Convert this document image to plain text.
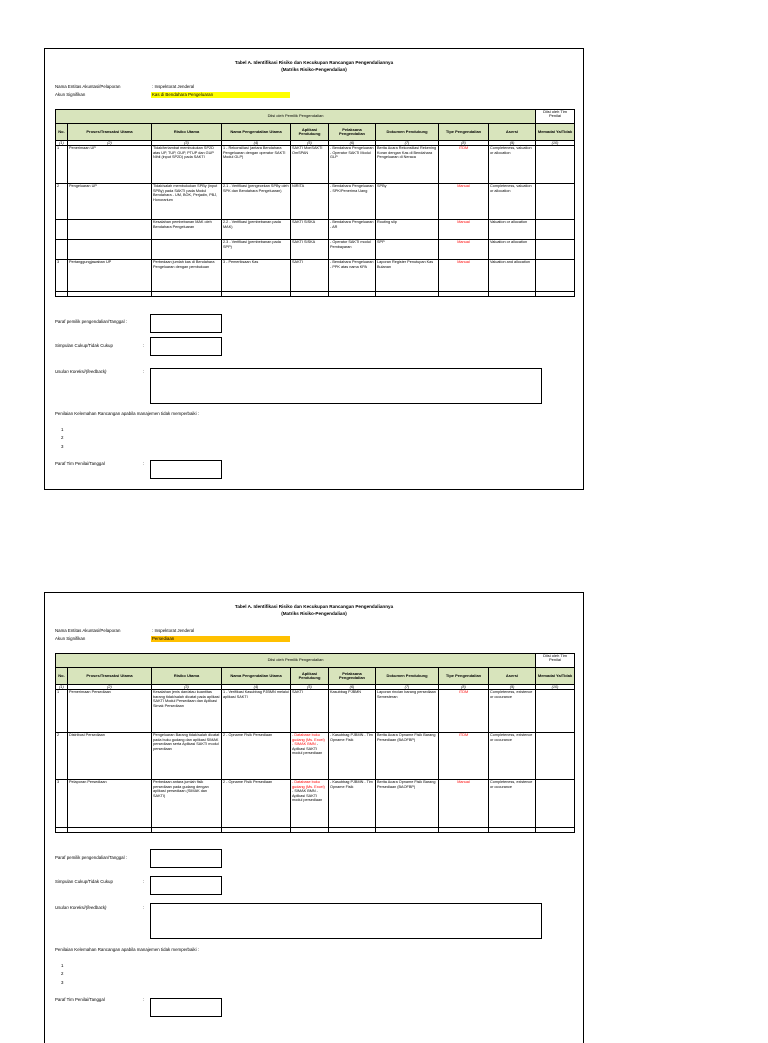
Tabel A. Identifikasi Risiko dan Kecukupan Rancangan Pengendaliannya
(Matriks Risiko-Pengendalian)
Nama Entitas Akuntasi/Pelaporan	: Inspektorat Jenderal
Akun Signifikan	Kas di Bendahara Pengeluaran
Diisi oleh Pemilik Pengendalian									Diisi oleh Tim Penilai
No.	Proses/Transaksi Utama	Risiko Utama	Nama Pengendalian Utama	Aplikasi Pendukung	Pelaksana Pengendalian	Dokumen Pendukung	Tipe Pengendalian	Asersi	Memadai Ya/Tidak
(1)	(2)	(3)	(4)	(5)	(6)	(7)	(8)	(9)	(10)
1	Penerimaan UP	Tidak/terlambat membukukan SP2D atas UP, TUP, GUP, PTUP dan GUP Nihil (input SP2D) pada SAKTI	1 - Rekonsiliasi (antara Bendahara Pengeluaran dengan operator SAKTI Modul GLP)	SAKTI MonSAKTI OmSPAN	- Bendahara Pengeluaran - Operator SAKTI Modul GLP	Berita Acara Rekonsiliasi Rekening Koran dengan Kas di Bendahara Pengeluaran di Neraca	ITDM	Completeness, valuation or allocation	
2	Pengeluaran UP	Tidak/salah membukukan SPBy (input SPBy) pada SAKTI pada Modul Bendahara - UM, BOK, Perjadin, PBJ, Honorarium	2.1 - Verifikasi (pengecekan SPBy oleh SPK dan Bendahara Pengeluaran)	NIRITA	- Bendahara Pengeluaran - SPK/Penerima Uang	SPBy	Manual	Completeness, valuation or allocation	
		Kesalahan pembebanan MAK oleh Bendahara Pengeluaran	2.2 - Verifikasi (pembebanan pada MAK)	SAKTI SISKA	- Bendahara Pengeluaran - AR	Routing slip	Manual	Valuation or allocation	
			2.3 - Verifikasi (pembebanan pada SPP)	SAKTI SISKA	- Operator SAKTI modul Pembayaran	SPP	Manual	Valuation or allocation	
3	Pertanggungjawaban UP	Perbedaan jumlah kas di Bendahara Pengeluaran dengan pembukuan	3 - Pemeriksaan Kas	SAKTI	- Bendahara Pengeluaran - PPK atas nama KPA	Laporan Register Penutupan Kas Bulanan	Manual	Valuation and allocation	

Paraf pemilik pengendalian/Tanggal :
Simpulan Cukup/Tidak Cukup	:
Usulan Koreksi/(feedback)	:
Penilaian Kelemahan Rancangan apabila manajemen tidak memperbaiki :
1
2
3
Paraf Tim Penilai/Tanggal	:
Tabel A. Identifikasi Risiko dan Kecukupan Rancangan Pengendaliannya
(Matriks Risiko-Pengendalian)
Nama Entitas Akuntasi/Pelaporan	: Inspektorat Jenderal
Akun Signifikan	Persediaan
Diisi oleh Pemilik Pengendalian									Diisi oleh Tim Penilai
No.	Proses/Transaksi Utama	Risiko Utama	Nama Pengendalian Utama	Aplikasi Pendukung	Pelaksana Pengendalian	Dokumen Pendukung	Tipe Pengendalian	Asersi	Memadai Ya/Tidak
(1)	(2)	(3)	(4)	(5)	(6)	(7)	(8)	(9)	(10)
1	Pemerimaan Persediaan	Kesalahan jenis dan/atau kuantitas barang tidak/salah dicatat pada aplikasi SAKTI Modul Persediaan dan Aplikasi Simak Persediaan	1 - Verifikasi Kasubbag PJBMN melalui aplikasi SAKTI	SAKTI	Kasubbag PJBMN	Laporan rincian barang persediaan Semesteran	ITDM	Completeness, existence or occurance	
2	Distribusi Persediaan	Pengeluaran Barang tidak/salah dicatat pada buku gudang dan aplikasi SIMAK persediaan serta Aplikasi SAKTI modul persediaan	2 - Opname Fisik Persediaan	- Database buku gudang (Ms. Excel) - SIMAK BMN - Aplikasi SAKTI modul persediaan	- Kasubbag PJBMN - Tim Opname Fisik	Berita Acara Opname Fisik Barang Persediaan (BAOFBP)	ITDM	Completeness, existence or occurance	
3	Pelaporan Persediaan	Perbedaan antara jumlah fisik persediaan pada gudang dengan aplikasi persediaan (SIMAK dan SAKTI)	2 - Opname Fisik Persediaan	- Database buku gudang (Ms. Excel) - SIMAK BMN - Aplikasi SAKTI modul persediaan	- Kasubbag PJBMN - Tim Opname Fisik	Berita Acara Opname Fisik Barang Persediaan (BAOFBP)	Manual	Completeness, existence or occurance	

Paraf pemilik pengendalian/Tanggal :
Simpulan Cukup/Tidak Cukup	:
Usulan Koreksi/(feedback)	:
Penilaian Kelemahan Rancangan apabila manajemen tidak memperbaiki :
1
2
3
Paraf Tim Penilai/Tanggal	:
